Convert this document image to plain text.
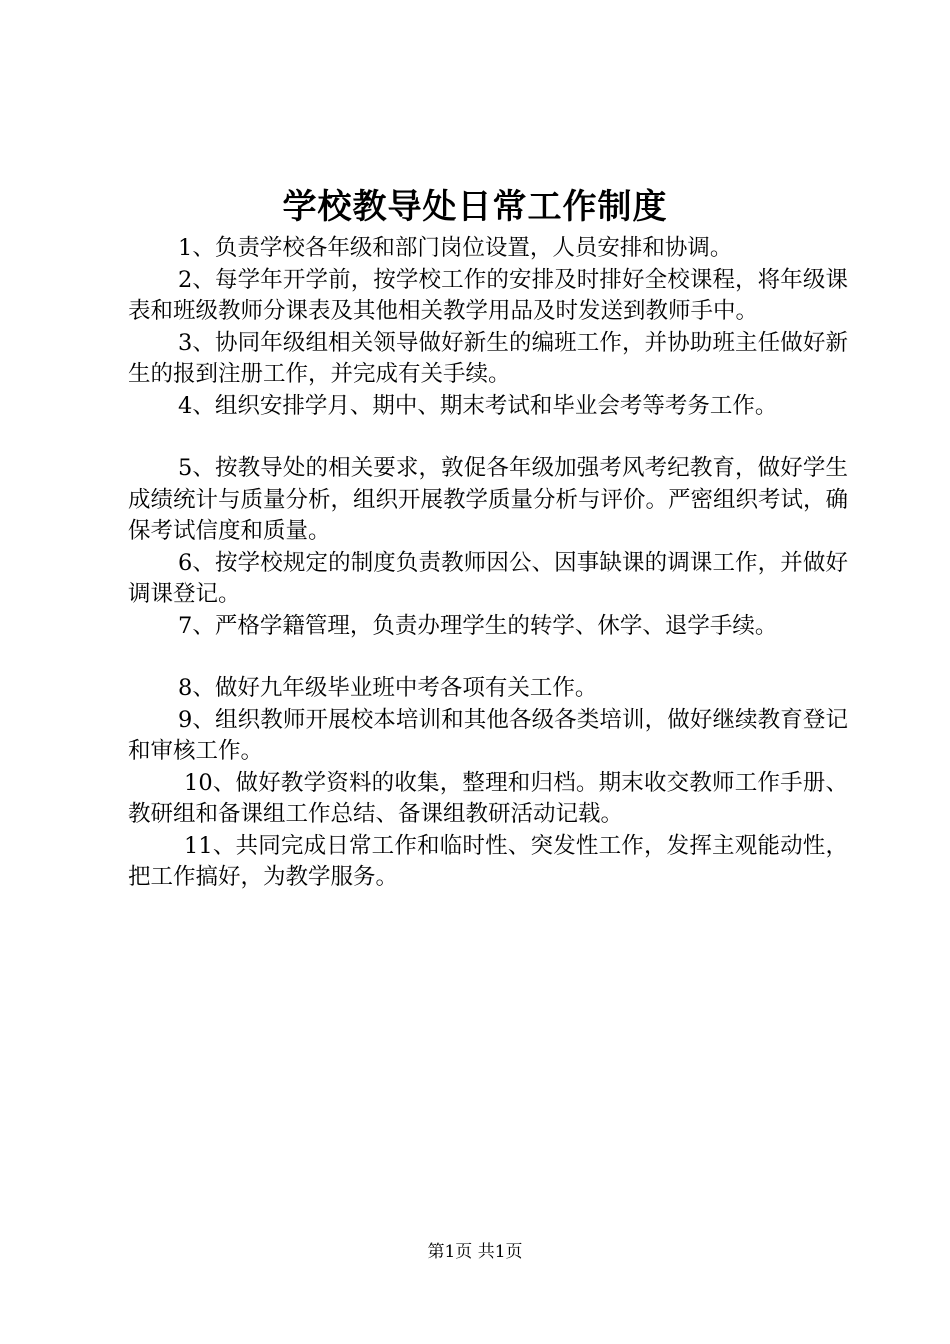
学校教导处日常工作制度

1、负责学校各年级和部门岗位设置，人员安排和协调。

2、每学年开学前，按学校工作的安排及时排好全校课程，将年级课表和班级教师分课表及其他相关教学用品及时发送到教师手中。

3、协同年级组相关领导做好新生的编班工作，并协助班主任做好新生的报到注册工作，并完成有关手续。

4、组织安排学月、期中、期末考试和毕业会考等考务工作。

5、按教导处的相关要求，敦促各年级加强考风考纪教育，做好学生成绩统计与质量分析，组织开展教学质量分析与评价。严密组织考试，确保考试信度和质量。

6、按学校规定的制度负责教师因公、因事缺课的调课工作，并做好调课登记。

7、严格学籍管理，负责办理学生的转学、休学、退学手续。

8、做好九年级毕业班中考各项有关工作。

9、组织教师开展校本培训和其他各级各类培训，做好继续教育登记和审核工作。

10、做好教学资料的收集，整理和归档。期末收交教师工作手册、教研组和备课组工作总结、备课组教研活动记载。

11、共同完成日常工作和临时性、突发性工作，发挥主观能动性，把工作搞好，为教学服务。

第1页 共1页
